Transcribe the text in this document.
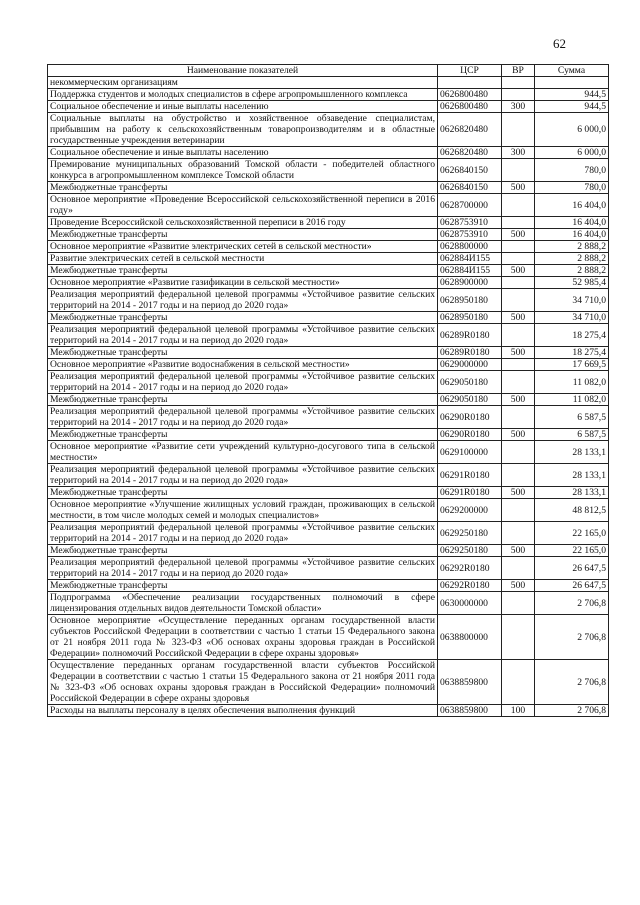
62
Наименование показателей	ЦСР	ВР	Сумма
некоммерческим организациям			
Поддержка студентов и молодых специалистов в сфере агропромышленного комплекса	0626800480		944,5
Социальное обеспечение и иные выплаты населению	0626800480	300	944,5
Социальные выплаты на обустройство и хозяйственное обзаведение специалистам, прибывшим на работу к сельскохозяйственным товаропроизводителям и в областные государственные учреждения ветеринарии	0626820480		6 000,0
Социальное обеспечение и иные выплаты населению	0626820480	300	6 000,0
Премирование муниципальных образований Томской области - победителей областного конкурса в агропромышленном комплексе Томской области	0626840150		780,0
Межбюджетные трансферты	0626840150	500	780,0
Основное мероприятие «Проведение Всероссийской сельскохозяйственной переписи в 2016 году»	0628700000		16 404,0
Проведение Всероссийской сельскохозяйственной переписи в 2016 году	0628753910		16 404,0
Межбюджетные трансферты	0628753910	500	16 404,0
Основное мероприятие «Развитие электрических сетей в сельской местности»	0628800000		2 888,2
Развитие электрических сетей в сельской местности	062884И155		2 888,2
Межбюджетные трансферты	062884И155	500	2 888,2
Основное мероприятие «Развитие газификации в сельской местности»	0628900000		52 985,4
Реализация мероприятий федеральной целевой программы «Устойчивое развитие сельских территорий на 2014 - 2017 годы и на период до 2020 года»	0628950180		34 710,0
Межбюджетные трансферты	0628950180	500	34 710,0
Реализация мероприятий федеральной целевой программы «Устойчивое развитие сельских территорий на 2014 - 2017 годы и на период до 2020 года»	06289R0180		18 275,4
Межбюджетные трансферты	06289R0180	500	18 275,4
Основное мероприятие «Развитие водоснабжения в сельской местности»	0629000000		17 669,5
Реализация мероприятий федеральной целевой программы «Устойчивое развитие сельских территорий на 2014 - 2017 годы и на период до 2020 года»	0629050180		11 082,0
Межбюджетные трансферты	0629050180	500	11 082,0
Реализация мероприятий федеральной целевой программы «Устойчивое развитие сельских территорий на 2014 - 2017 годы и на период до 2020 года»	06290R0180		6 587,5
Межбюджетные трансферты	06290R0180	500	6 587,5
Основное мероприятие «Развитие сети учреждений культурно-досугового типа в сельской местности»	0629100000		28 133,1
Реализация мероприятий федеральной целевой программы «Устойчивое развитие сельских территорий на 2014 - 2017 годы и на период до 2020 года»	06291R0180		28 133,1
Межбюджетные трансферты	06291R0180	500	28 133,1
Основное мероприятие «Улучшение жилищных условий граждан, проживающих в сельской местности, в том числе молодых семей и молодых специалистов»	0629200000		48 812,5
Реализация мероприятий федеральной целевой программы «Устойчивое развитие сельских территорий на 2014 - 2017 годы и на период до 2020 года»	0629250180		22 165,0
Межбюджетные трансферты	0629250180	500	22 165,0
Реализация мероприятий федеральной целевой программы «Устойчивое развитие сельских территорий на 2014 - 2017 годы и на период до 2020 года»	06292R0180		26 647,5
Межбюджетные трансферты	06292R0180	500	26 647,5
Подпрограмма «Обеспечение реализации государственных полномочий в сфере лицензирования отдельных видов деятельности Томской области»	0630000000		2 706,8
Основное мероприятие «Осуществление переданных органам государственной власти субъектов Российской Федерации в соответствии с частью 1 статьи 15 Федерального закона от 21 ноября 2011 года № 323-ФЗ «Об основах охраны здоровья граждан в Российской Федерации» полномочий Российской Федерации в сфере охраны здоровья»	0638800000		2 706,8
Осуществление переданных органам государственной власти субъектов Российской Федерации в соответствии с частью 1 статьи 15 Федерального закона от 21 ноября 2011 года № 323-ФЗ «Об основах охраны здоровья граждан в Российской Федерации» полномочий Российской Федерации в сфере охраны здоровья	0638859800		2 706,8
Расходы на выплаты персоналу в целях обеспечения выполнения функций	0638859800	100	2 706,8
